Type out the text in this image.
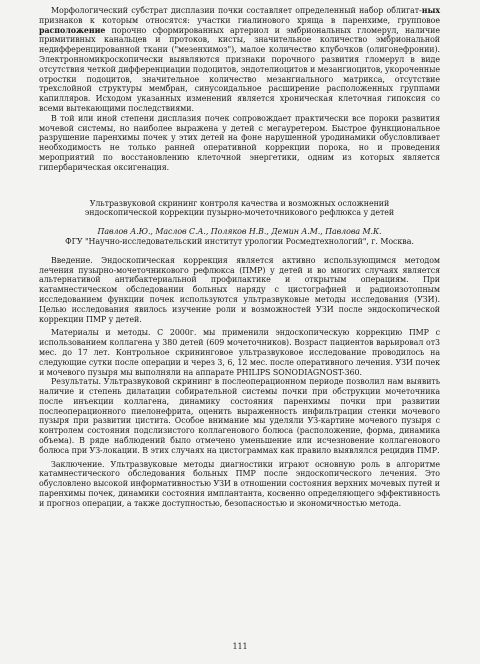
Морфологический субстрат дисплазии почки составляет определенный набор облигат-ных признаков к которым относятся: участки гиалинового хряща в паренхиме, групповое расположение порочно сформированных артериол и эмбриональных гломерул, наличие примитивных канальцев и протоков, кисты, значительное количество эмбриональной недифференцированной ткани ("мезенхимоз"), малое количество клубочков (олигонефронии). Электронномикроскопически выявляются признаки порочного развития гломерул в виде отсутствия четкой дифференциации подоцитов, эндотелиоцитов и мезангиоцитов, укороченные отростки подоцитов, значительное количество мезангиального матрикса, отсутствие трехслойной структуры мембран, синусоидальное расширение расположенных группами капилляров. Исходом указанных изменений является хроническая клеточная гипоксия со всеми вытекающими последствиями.

В той или иной степени дисплазия почек сопровождает практически все пороки развития мочевой системы, но наиболее выражена у детей с мегауретером. Быстрое функциональное разрушение паренхимы почек у этих детей на фоне нарушенной уродинамики обусловливает необходимость не только ранней оперативной коррекции порока, но и проведения мероприятий по восстановлению клеточной энергетики, одним из которых является гипербарическая оксигенация.

Ультразвуковой скрининг контроля качества и возможных осложнений эндоскопической коррекции пузырно-мочеточникового рефлюкса у детей

Павлов А.Ю., Маслов С.А., Поляков Н.В., Демин А.М., Павлова М.К.

ФГУ "Научно-исследовательский институт урологии Росмедтехнологий", г. Москва.

Введение. Эндоскопическая коррекция является активно использующимся методом лечения пузырно-мочеточникового рефлюкса (ПМР) у детей и во многих случаях является альтернативой антибактериальной профилактике и открытым операциям. При катамнестическом обследовании больных наряду с цистографией и радиоизотопным исследованием функции почек используются ультразвуковые методы исследования (УЗИ). Целью исследования явилось изучение роли и возможностей УЗИ после эндоскопической коррекции ПМР у детей.

Материалы и методы. С 2000г. мы применили эндоскопическую коррекцию ПМР с использованием коллагена у 380 детей (609 мочеточников). Возраст пациентов варьировал от3 мес. до 17 лет. Контрольное скрининговое ультразвуковое исследование проводилось на следующие сутки после операции и через 3, 6, 12 мес. после оперативного лечения. УЗИ почек и мочевого пузыря мы выполняли на аппарате PHILIPS SONODIAGNOST-360.

Результаты. Ультразвуковой скрининг в послеоперационном периоде позволил нам выявить наличие и степень дилатации собирательной системы почки при обструкции мочеточника после инъекции коллагена, динамику состояния паренхимы почки при развитии послеоперационного пиелонефрита, оценить выраженность инфильтрации стенки мочевого пузыря при развитии цистита. Особое внимание мы уделяли УЗ-картине мочевого пузыря с контролем состояния подслизистого коллагенового болюса (расположение, форма, динамика объема). В ряде наблюдений было отмечено уменьшение или исчезновение коллагенового болюса при УЗ-локации. В этих случаях на цистограммах как правило выявлялся рецидив ПМР.

Заключение. Ультразвуковые методы диагностики играют основную роль в алгоритме катамнестического обследования больных ПМР после эндоскопического лечения. Это обусловлено высокой информативностью УЗИ в отношении состояния верхних мочевых путей и паренхимы почек, динамики состояния имплантанта, косвенно определяющего эффективность и прогноз операции, а также доступностью, безопасностью и экономичностью метода.

111
